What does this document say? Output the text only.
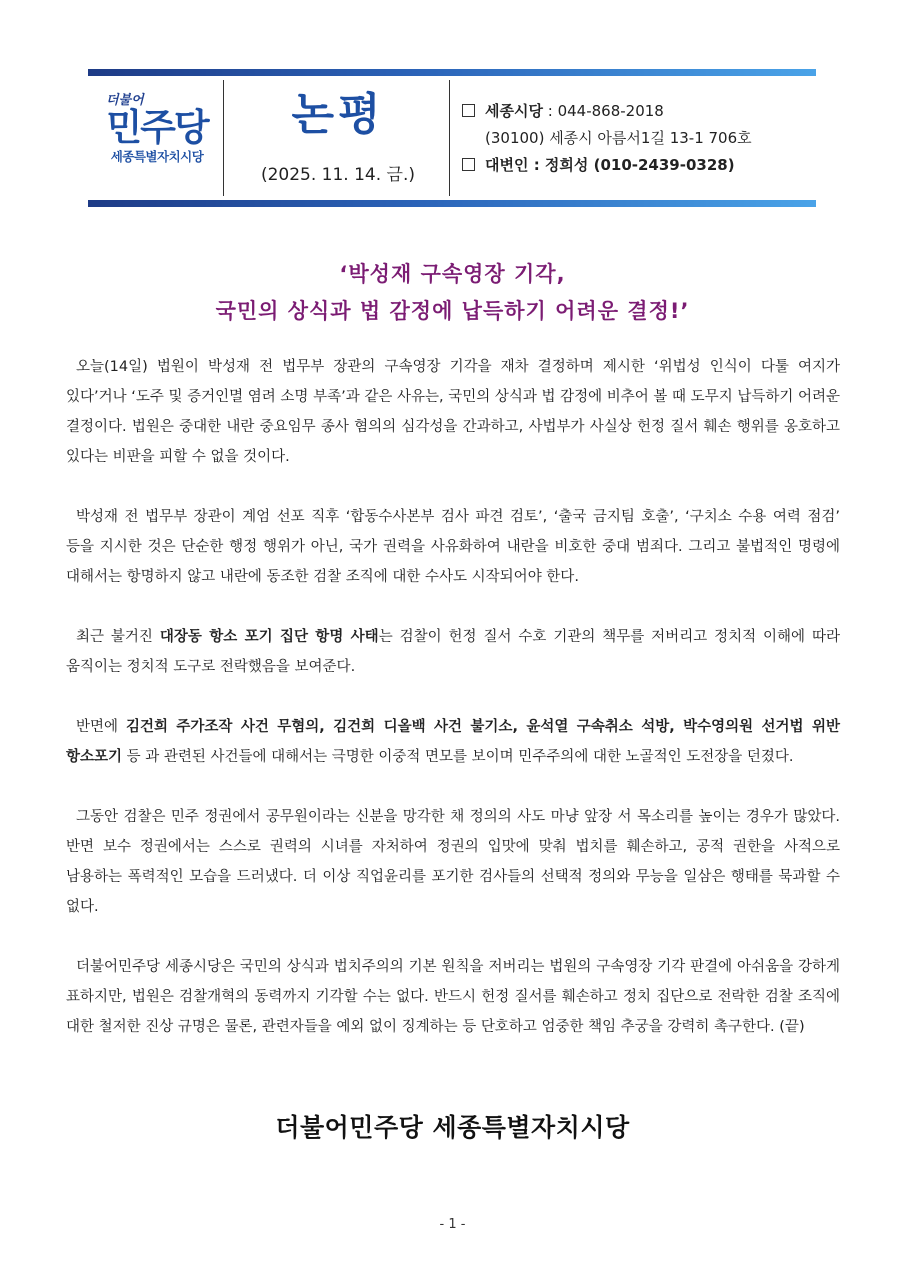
더불어
민주당
세종특별자치시당
논평
(2025. 11. 14. 금.)
세종시당 : 044-868-2018
(30100) 세종시 아름서1길 13-1 706호
대변인 : 정희성 (010-2439-0328)
‘박성재 구속영장 기각,
국민의 상식과 법 감정에 납득하기 어려운 결정!’

오늘(14일) 법원이 박성재 전 법무부 장관의 구속영장 기각을 재차 결정하며 제시한 ‘위법성 인식이 다툴 여지가 있다’거나 ‘도주 및 증거인멸 염려 소명 부족’과 같은 사유는, 국민의 상식과 법 감정에 비추어 볼 때 도무지 납득하기 어려운 결정이다. 법원은 중대한 내란 중요임무 종사 혐의의 심각성을 간과하고, 사법부가 사실상 헌정 질서 훼손 행위를 옹호하고 있다는 비판을 피할 수 없을 것이다.

박성재 전 법무부 장관이 계엄 선포 직후 ‘합동수사본부 검사 파견 검토’, ‘출국 금지팀 호출’, ‘구치소 수용 여력 점검’ 등을 지시한 것은 단순한 행정 행위가 아닌, 국가 권력을 사유화하여 내란을 비호한 중대 범죄다. 그리고 불법적인 명령에 대해서는 항명하지 않고 내란에 동조한 검찰 조직에 대한 수사도 시작되어야 한다.

최근 불거진 대장동 항소 포기 집단 항명 사태는 검찰이 헌정 질서 수호 기관의 책무를 저버리고 정치적 이해에 따라 움직이는 정치적 도구로 전락했음을 보여준다.

반면에 김건희 주가조작 사건 무혐의, 김건희 디올백 사건 불기소, 윤석열 구속취소 석방, 박수영의원 선거법 위반 항소포기 등 과 관련된 사건들에 대해서는 극명한 이중적 면모를 보이며 민주주의에 대한 노골적인 도전장을 던졌다.

그동안 검찰은 민주 정권에서 공무원이라는 신분을 망각한 채 정의의 사도 마냥 앞장 서 목소리를 높이는 경우가 많았다. 반면 보수 정권에서는 스스로 권력의 시녀를 자처하여 정권의 입맛에 맞춰 법치를 훼손하고, 공적 권한을 사적으로 남용하는 폭력적인 모습을 드러냈다. 더 이상 직업윤리를 포기한 검사들의 선택적 정의와 무능을 일삼은 행태를 묵과할 수 없다.

더불어민주당 세종시당은 국민의 상식과 법치주의의 기본 원칙을 저버리는 법원의 구속영장 기각 판결에 아쉬움을 강하게 표하지만, 법원은 검찰개혁의 동력까지 기각할 수는 없다. 반드시 헌정 질서를 훼손하고 정치 집단으로 전락한 검찰 조직에 대한 철저한 진상 규명은 물론, 관련자들을 예외 없이 징계하는 등 단호하고 엄중한 책임 추궁을 강력히 촉구한다. (끝)

더불어민주당 세종특별자치시당
- 1 -
